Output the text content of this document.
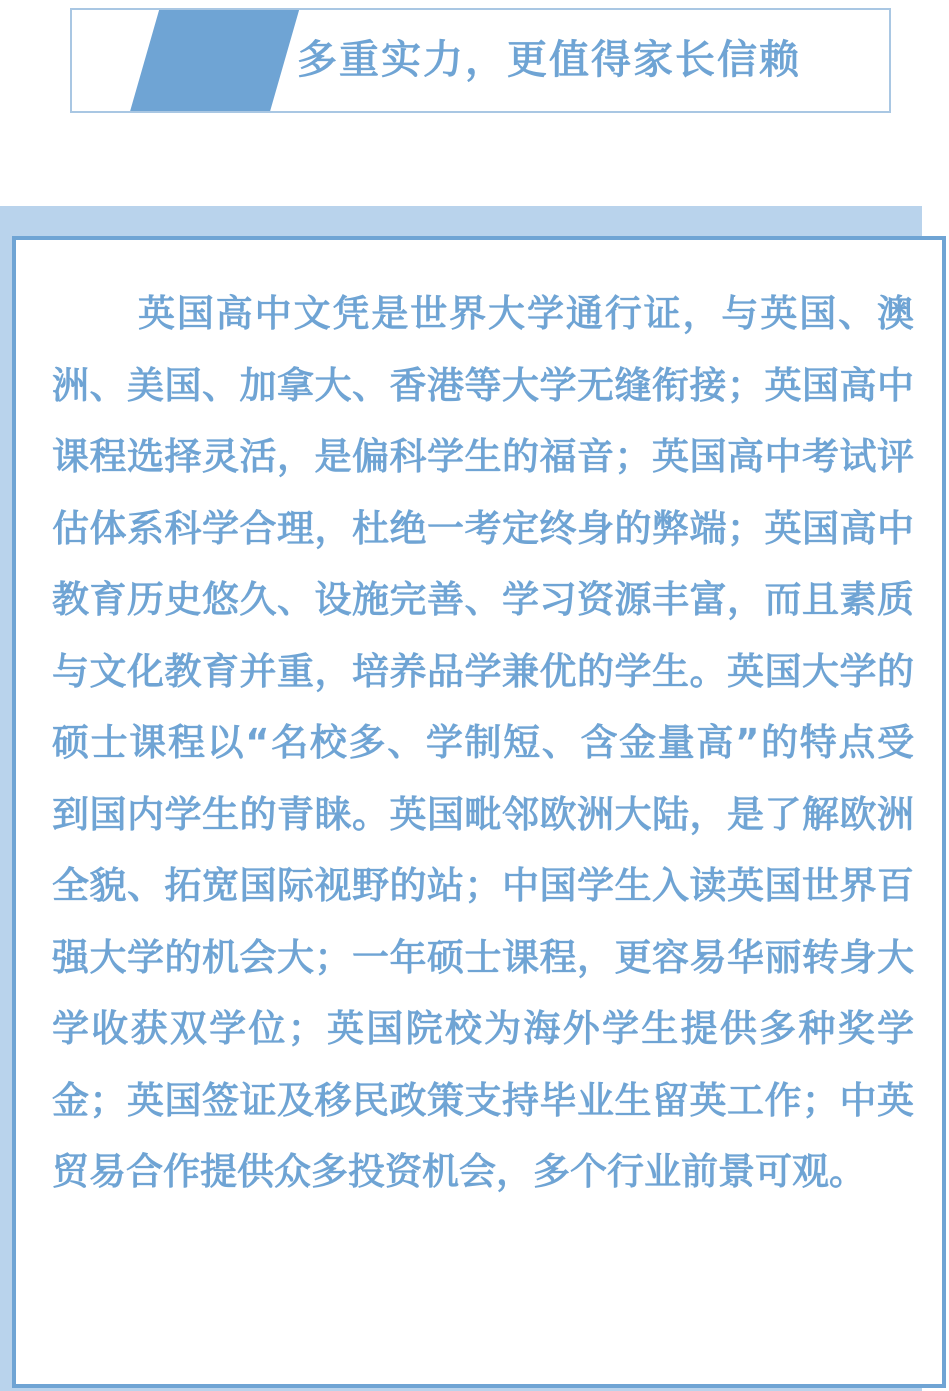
多重实力，更值得家长信赖

英国高中文凭是世界大学通行证，与英国、澳洲、美国、加拿大、香港等大学无缝衔接；英国高中课程选择灵活，是偏科学生的福音；英国高中考试评估体系科学合理，杜绝一考定终身的弊端；英国高中教育历史悠久、设施完善、学习资源丰富，而且素质与文化教育并重，培养品学兼优的学生。英国大学的硕士课程以“名校多、学制短、含金量高”的特点受到国内学生的青睐。英国毗邻欧洲大陆，是了解欧洲全貌、拓宽国际视野的站；中国学生入读英国世界百强大学的机会大；一年硕士课程，更容易华丽转身大学收获双学位；英国院校为海外学生提供多种奖学金；英国签证及移民政策支持毕业生留英工作；中英贸易合作提供众多投资机会，多个行业前景可观。
